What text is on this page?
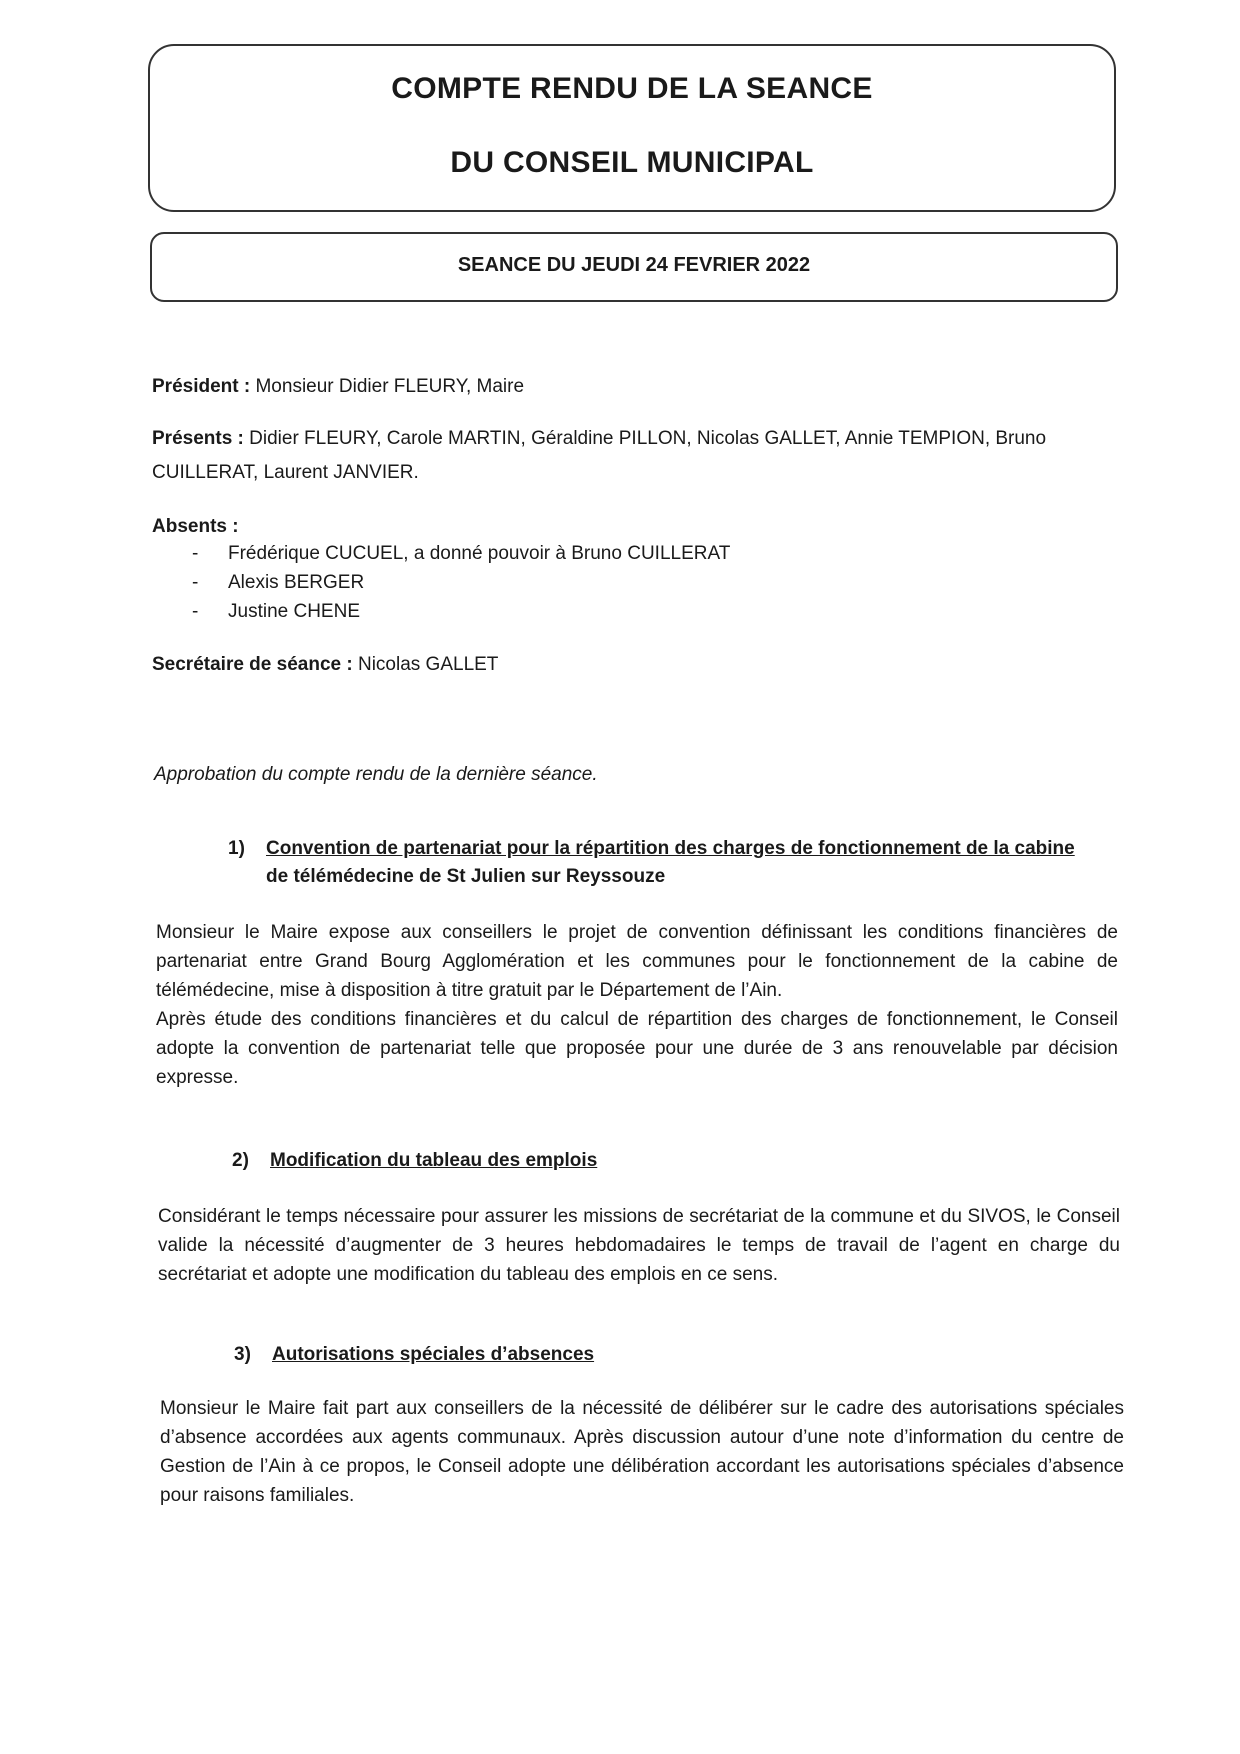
COMPTE RENDU DE LA SEANCE
DU CONSEIL MUNICIPAL
SEANCE DU JEUDI 24 FEVRIER 2022
Président : Monsieur Didier FLEURY, Maire
Présents : Didier FLEURY, Carole MARTIN, Géraldine PILLON, Nicolas GALLET, Annie TEMPION, Bruno
CUILLERAT, Laurent JANVIER.
Absents :
- Frédérique CUCUEL, a donné pouvoir à Bruno CUILLERAT
- Alexis BERGER
- Justine CHENE
Secrétaire de séance : Nicolas GALLET
Approbation du compte rendu de la dernière séance.
1) Convention de partenariat pour la répartition des charges de fonctionnement de la cabine
de télémédecine de St Julien sur Reyssouze

Monsieur le Maire expose aux conseillers le projet de convention définissant les conditions financières de partenariat entre Grand Bourg Agglomération et les communes pour le fonctionnement de la cabine de télémédecine, mise à disposition à titre gratuit par le Département de l’Ain.

Après étude des conditions financières et du calcul de répartition des charges de fonctionnement, le Conseil adopte la convention de partenariat telle que proposée pour une durée de 3 ans renouvelable par décision expresse.

2) Modification du tableau des emplois

Considérant le temps nécessaire pour assurer les missions de secrétariat de la commune et du SIVOS, le Conseil valide la nécessité d’augmenter de 3 heures hebdomadaires le temps de travail de l’agent en charge du secrétariat et adopte une modification du tableau des emplois en ce sens.

3) Autorisations spéciales d’absences

Monsieur le Maire fait part aux conseillers de la nécessité de délibérer sur le cadre des autorisations spéciales d’absence accordées aux agents communaux. Après discussion autour d’une note d’information du centre de Gestion de l’Ain à ce propos, le Conseil adopte une délibération accordant les autorisations spéciales d’absence pour raisons familiales.
